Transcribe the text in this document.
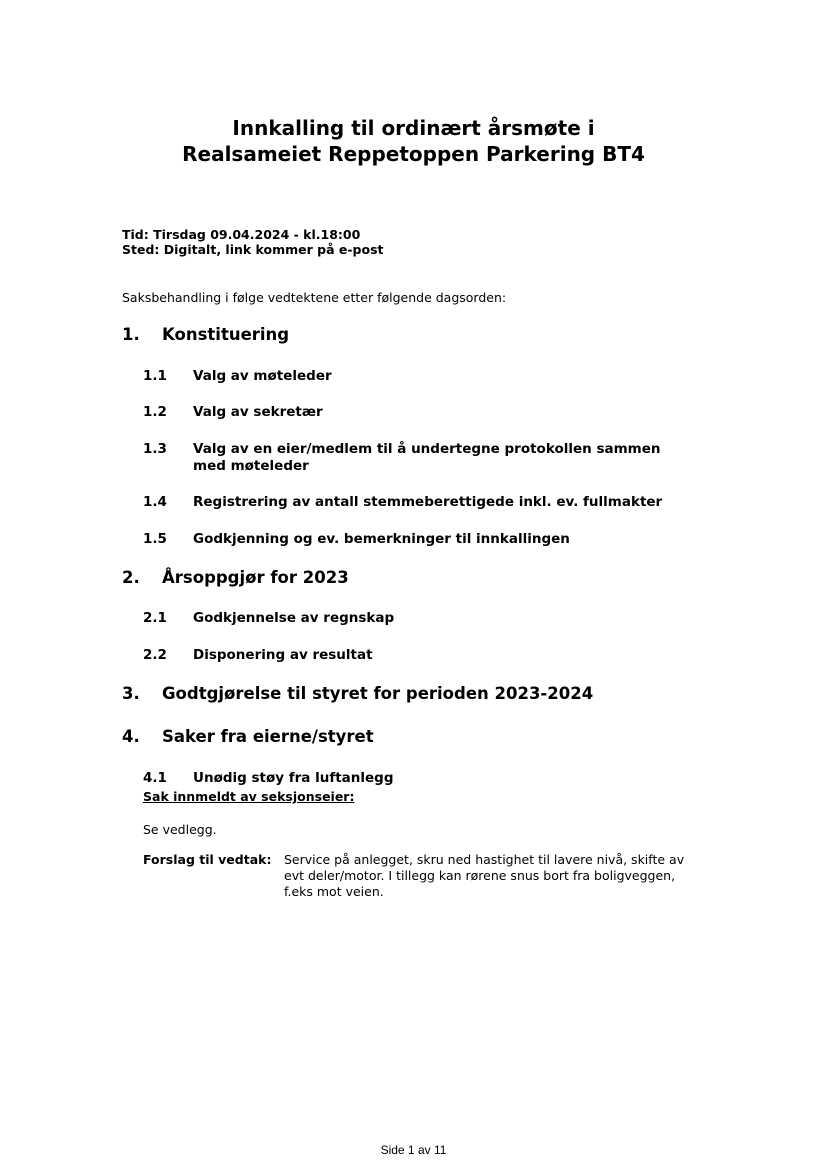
Innkalling til ordinært årsmøte i
Realsameiet Reppetoppen Parkering BT4

Tid: Tirsdag 09.04.2024 - kl.18:00

Sted: Digitalt, link kommer på e-post

Saksbehandling i følge vedtektene etter følgende dagsorden:

1. Konstituering
1.1 Valg av møteleder
1.2 Valg av sekretær
1.3 Valg av en eier/medlem til å undertegne protokollen sammen
med møteleder
1.4 Registrering av antall stemmeberettigede inkl. ev. fullmakter
1.5 Godkjenning og ev. bemerkninger til innkallingen
2. Årsoppgjør for 2023
2.1 Godkjennelse av regnskap
2.2 Disponering av resultat
3. Godtgjørelse til styret for perioden 2023-2024
4. Saker fra eierne/styret
4.1 Unødig støy fra luftanlegg

Sak innmeldt av seksjonseier:

Se vedlegg.

Forslag til vedtak: Service på anlegget, skru ned hastighet til lavere nivå, skifte av evt deler/motor. I tillegg kan rørene snus bort fra boligveggen, f.eks mot veien.

Side 1 av 11
